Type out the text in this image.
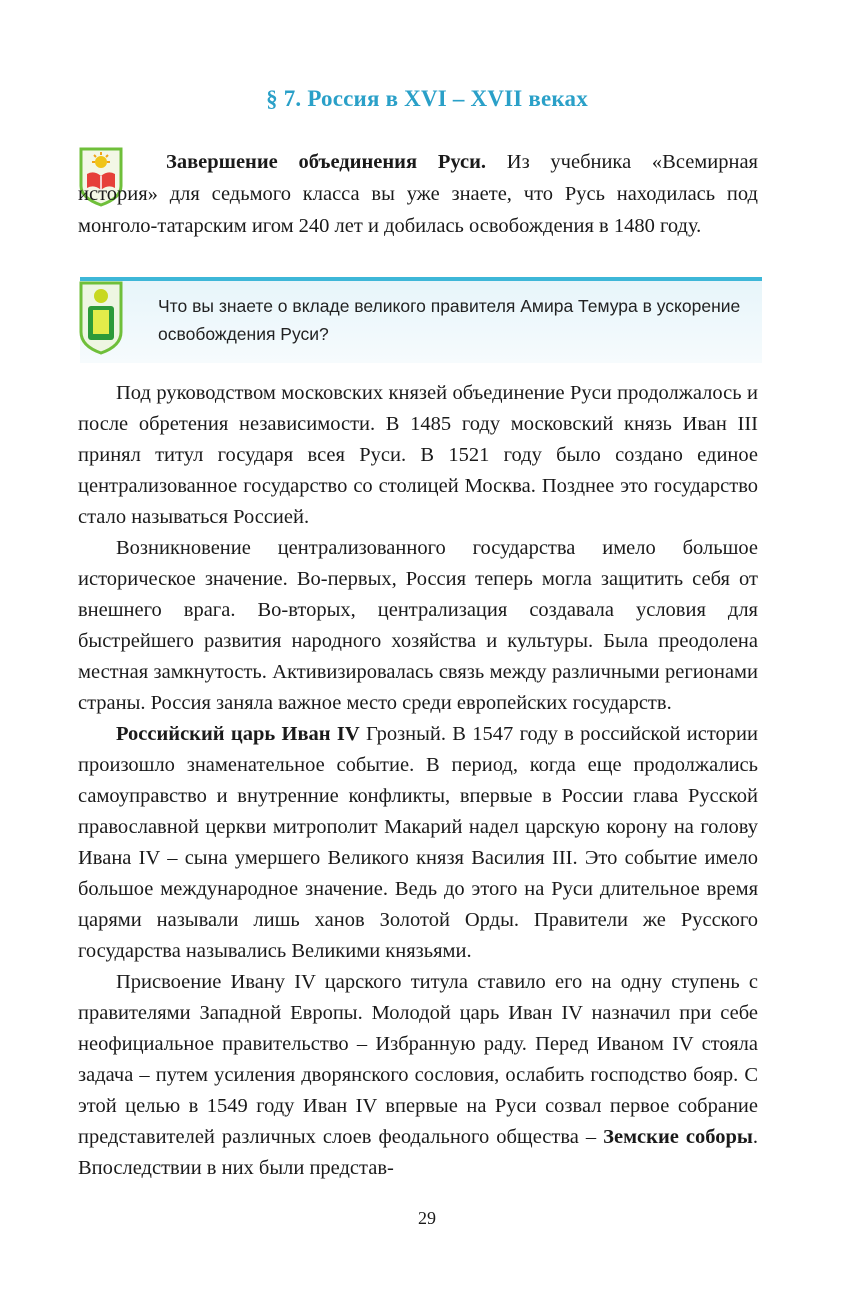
§ 7. Россия в XVI – XVII веках
Завершение объединения Руси. Из учебника «Всемирная история» для седьмого класса вы уже знаете, что Русь находилась под монголо-татарским игом 240 лет и добилась освобождения в 1480 году.
Что вы знаете о вкладе великого правителя Амира Темура в ускорение освобождения Руси?

Под руководством московских князей объединение Руси продолжалось и после обретения независимости. В 1485 году московский князь Иван III принял титул государя всея Руси. В 1521 году было создано единое централизованное государство со столицей Москва. Позднее это государство стало называться Россией.

Возникновение централизованного государства имело большое историческое значение. Во-первых, Россия теперь могла защитить себя от внешнего врага. Во-вторых, централизация создавала условия для быстрейшего развития народного хозяйства и культуры. Была преодолена местная замкнутость. Активизировалась связь между различными регионами страны. Россия заняла важное место среди европейских государств.

Российский царь Иван IV Грозный. В 1547 году в российской истории произошло знаменательное событие. В период, когда еще продолжались самоуправство и внутренние конфликты, впервые в России глава Русской православной церкви митрополит Макарий надел царскую корону на голову Ивана IV – сына умершего Великого князя Василия III. Это событие имело большое международное значение. Ведь до этого на Руси длительное время царями называли лишь ханов Золотой Орды. Правители же Русского государства назывались Великими князьями.

Присвоение Ивану IV царского титула ставило его на одну ступень с правителями Западной Европы. Молодой царь Иван IV назначил при себе неофициальное правительство – Избранную раду. Перед Иваном IV стояла задача – путем усиления дворянского сословия, ослабить господство бояр. С этой целью в 1549 году Иван IV впервые на Руси созвал первое собрание представителей различных слоев феодального общества – Земские соборы. Впоследствии в них были представ-

29
